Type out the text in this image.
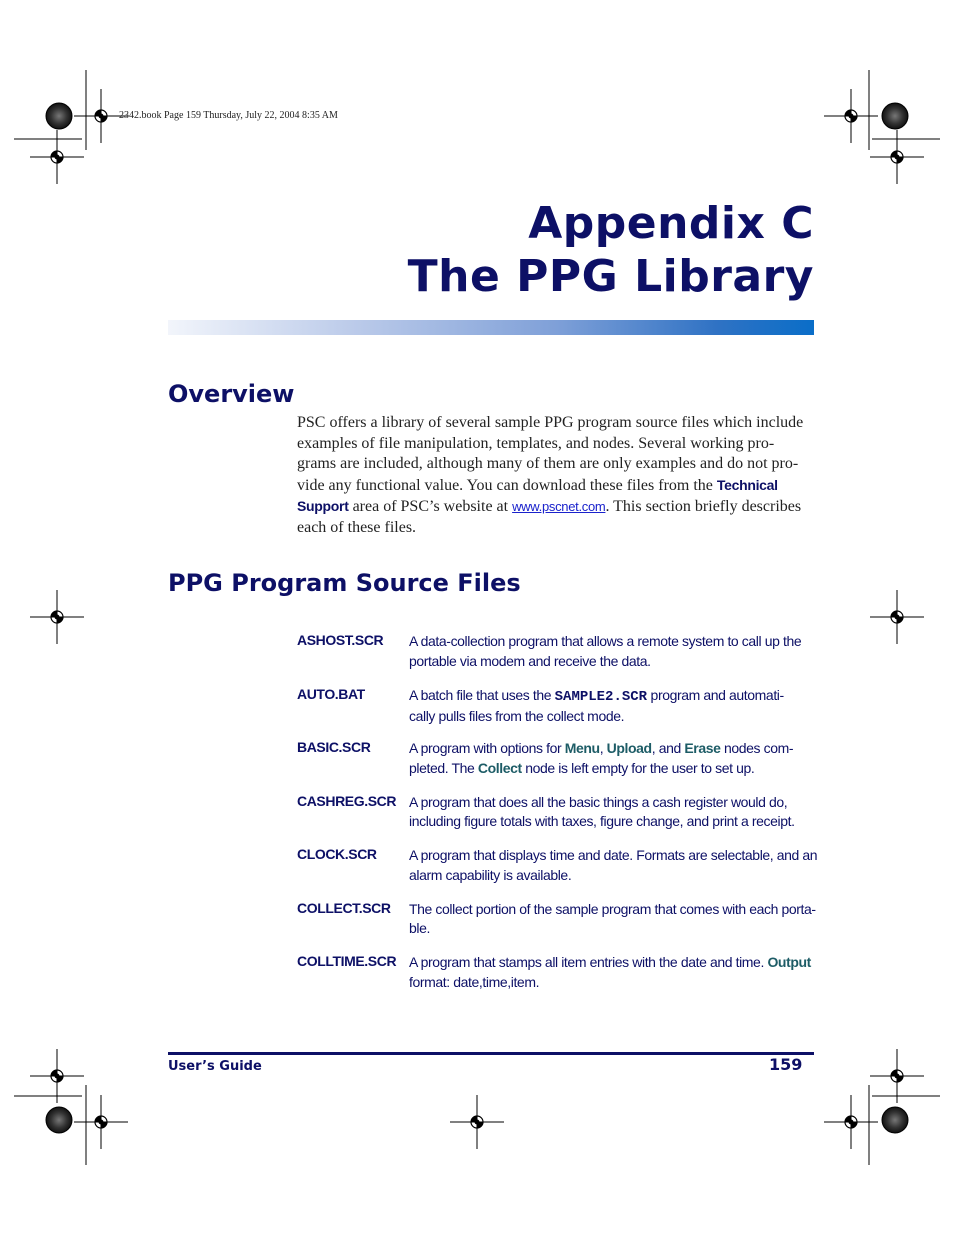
2342.book Page 159 Thursday, July 22, 2004 8:35 AM
Appendix C
The PPG Library
Overview
PSC offers a library of several sample PPG program source files which include
examples of file manipulation, templates, and nodes. Several working pro-
grams are included, although many of them are only examples and do not pro-
vide any functional value. You can download these files from the Technical
Support area of PSC’s website at www.pscnet.com. This section briefly describes
each of these files.
PPG Program Source Files
ASHOST.SCR A data-collection program that allows a remote system to call up the
portable via modem and receive the data.
AUTO.BAT	A batch file that uses the SAMPLE2.SCR program and automati-
cally pulls files from the collect mode.
BASIC.SCR	A program with options for Menu, Upload, and Erase nodes com-
pleted. The Collect node is left empty for the user to set up.
CASHREG.SCR A program that does all the basic things a cash register would do,
including figure totals with taxes, figure change, and print a receipt.
CLOCK.SCR A program that displays time and date. Formats are selectable, and an
alarm capability is available.
COLLECT.SCR The collect portion of the sample program that comes with each porta-
ble.
COLLTIME.SCR A program that stamps all item entries with the date and time. Output
format: date,time,item.
User’s Guide	159
